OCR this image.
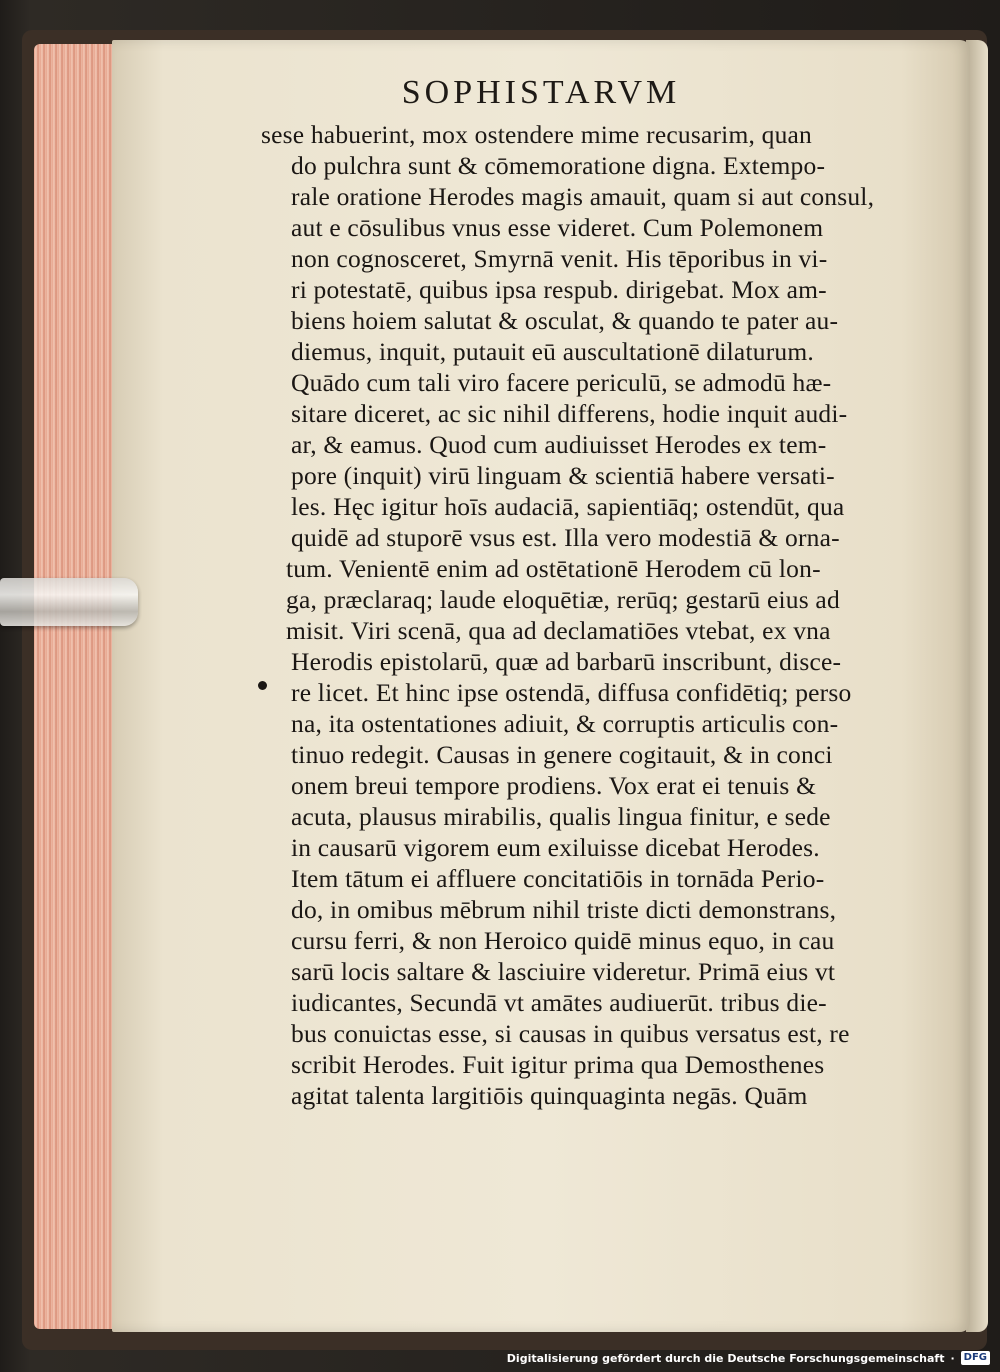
SOPHISTARVM
sese habuerint, mox ostendere mime recusarim, quan
do pulchra sunt & cōmemoratione digna. Extempo-
rale oratione Herodes magis amauit, quam si aut consul,
aut e cōsulibus vnus esse videret. Cum Polemonem
non cognosceret, Smyrnā venit. His tēporibus in vi-
ri potestatē, quibus ipsa respub. dirigebat. Mox am-
biens hoiem salutat & osculat, & quando te pater au-
diemus, inquit, putauit eū auscultationē dilaturum.
Quādo cum tali viro facere periculū, se admodū hæ-
sitare diceret, ac sic nihil differens, hodie inquit audi-
ar, & eamus. Quod cum audiuisset Herodes ex tem-
pore (inquit) virū linguam & scientiā habere versati-
les. Hęc igitur hoīs audaciā, sapientiāq; ostendūt, qua
quidē ad stuporē vsus est. Illa vero modestiā & orna-
tum. Venientē enim ad ostētationē Herodem cū lon-
ga, præclaraq; laude eloquētiæ, rerūq; gestarū eius ad
misit. Viri scenā, qua ad declamatiōes vtebat, ex vna
Herodis epistolarū, quæ ad barbarū inscribunt, disce-
re licet. Et hinc ipse ostendā, diffusa confidētiq; perso
na, ita ostentationes adiuit, & corruptis articulis con-
tinuo redegit. Causas in genere cogitauit, & in conci
onem breui tempore prodiens. Vox erat ei tenuis &
acuta, plausus mirabilis, qualis lingua finitur, e sede
in causarū vigorem eum exiluisse dicebat Herodes.
Item tātum ei affluere concitatiōis in tornāda Perio-
do, in omibus mēbrum nihil triste dicti demonstrans,
cursu ferri, & non Heroico quidē minus equo, in cau
sarū locis saltare & lasciuire videretur. Primā eius vt
iudicantes, Secundā vt amātes audiuerūt. tribus die-
bus conuictas esse, si causas in quibus versatus est, re
scribit Herodes. Fuit igitur prima qua Demosthenes
agitat talenta largitiōis quinquaginta negās. Quām
Digitalisierung gefördert durch die Deutsche Forschungsgemeinschaft · DFG
